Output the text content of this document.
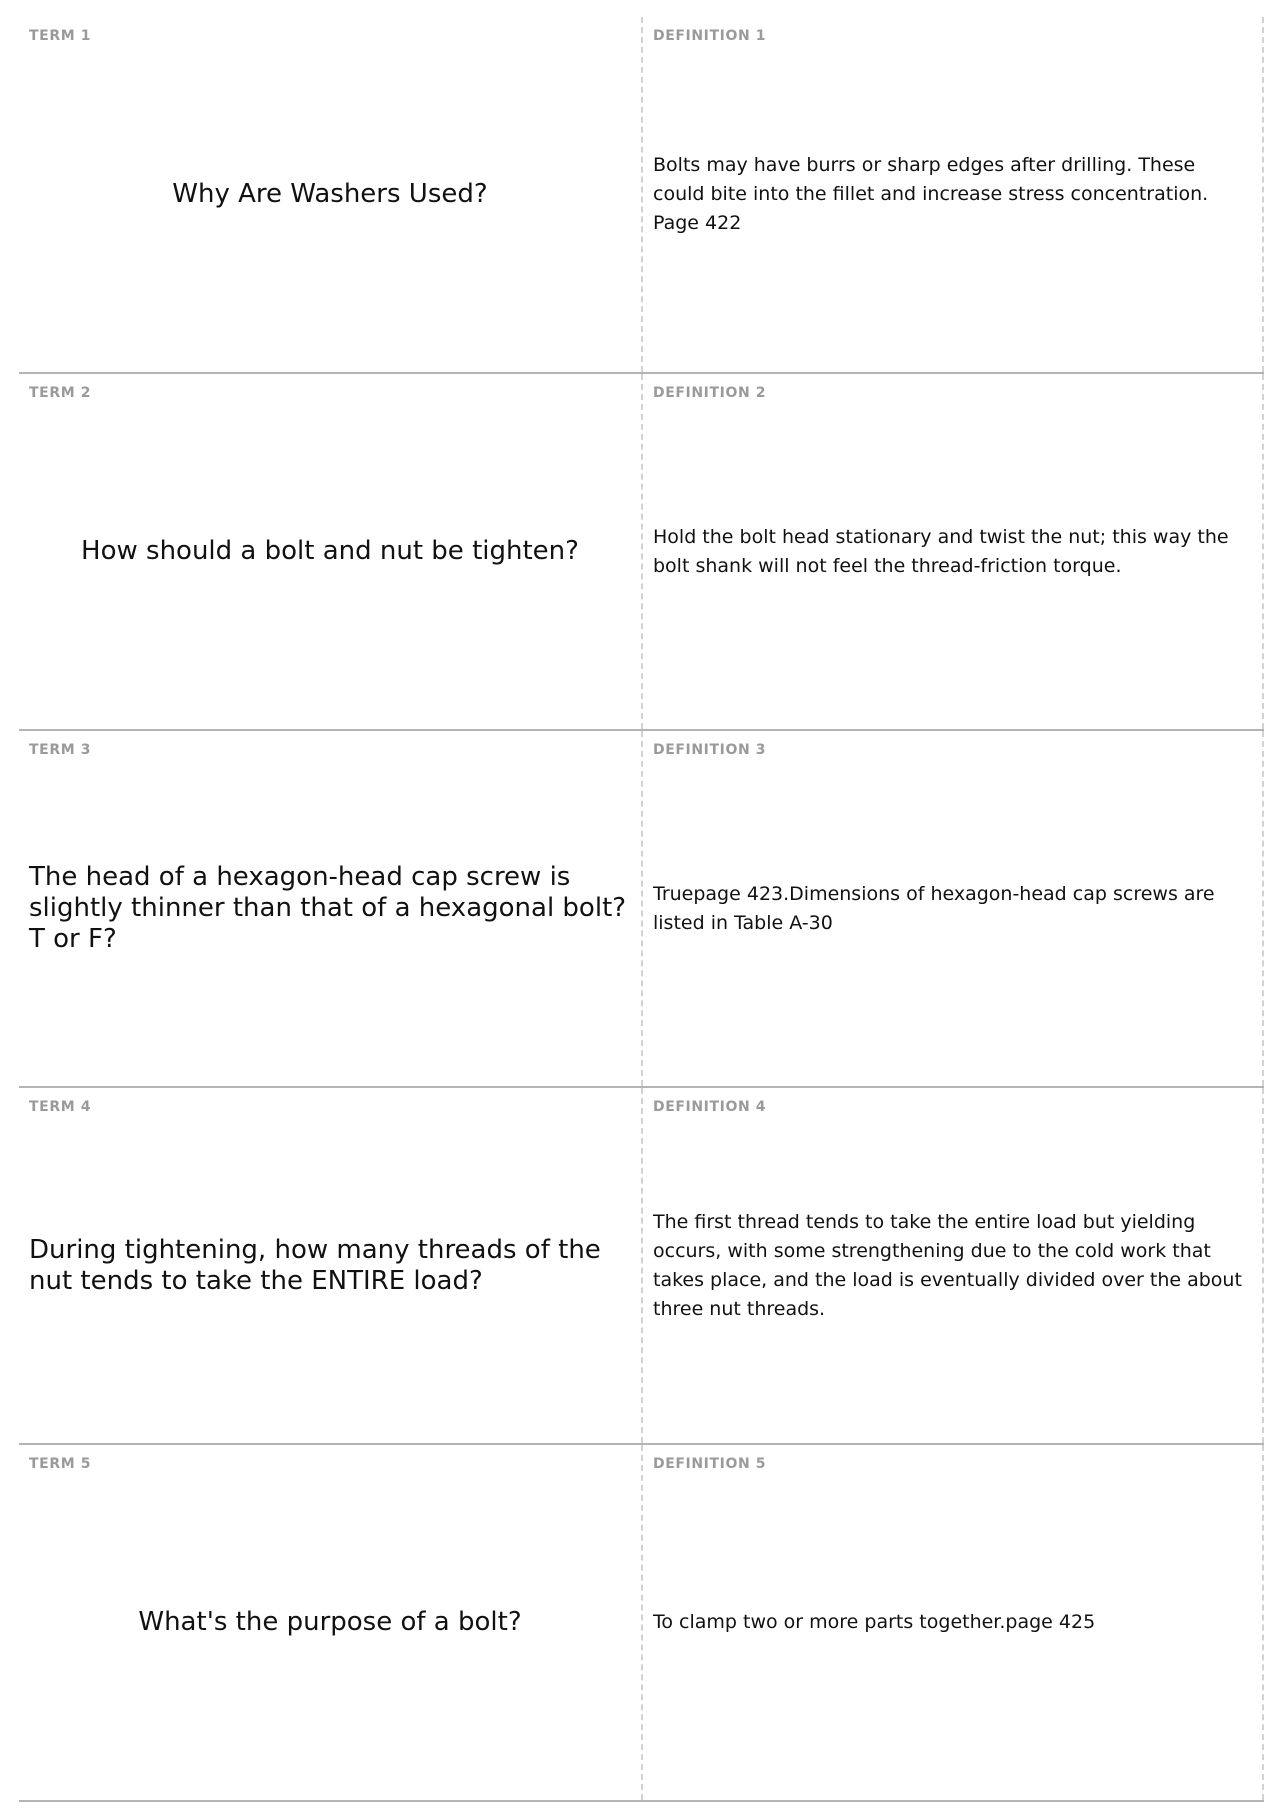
TERM 1
Why Are Washers Used?
DEFINITION 1
Bolts may have burrs or sharp edges after drilling. These
could bite into the fillet and increase stress concentration.
Page 422
TERM 2
How should a bolt and nut be tighten?
DEFINITION 2
Hold the bolt head stationary and twist the nut; this way the
bolt shank will not feel the thread-friction torque.
TERM 3
The head of a hexagon-head cap screw is
slightly thinner than that of a hexagonal bolt?
T or F?
DEFINITION 3
Truepage 423.Dimensions of hexagon-head cap screws are
listed in Table A-30
TERM 4
During tightening, how many threads of the
nut tends to take the ENTIRE load?
DEFINITION 4
The first thread tends to take the entire load but yielding
occurs, with some strengthening due to the cold work that
takes place, and the load is eventually divided over the about
three nut threads.
TERM 5
What's the purpose of a bolt?
DEFINITION 5
To clamp two or more parts together.page 425
